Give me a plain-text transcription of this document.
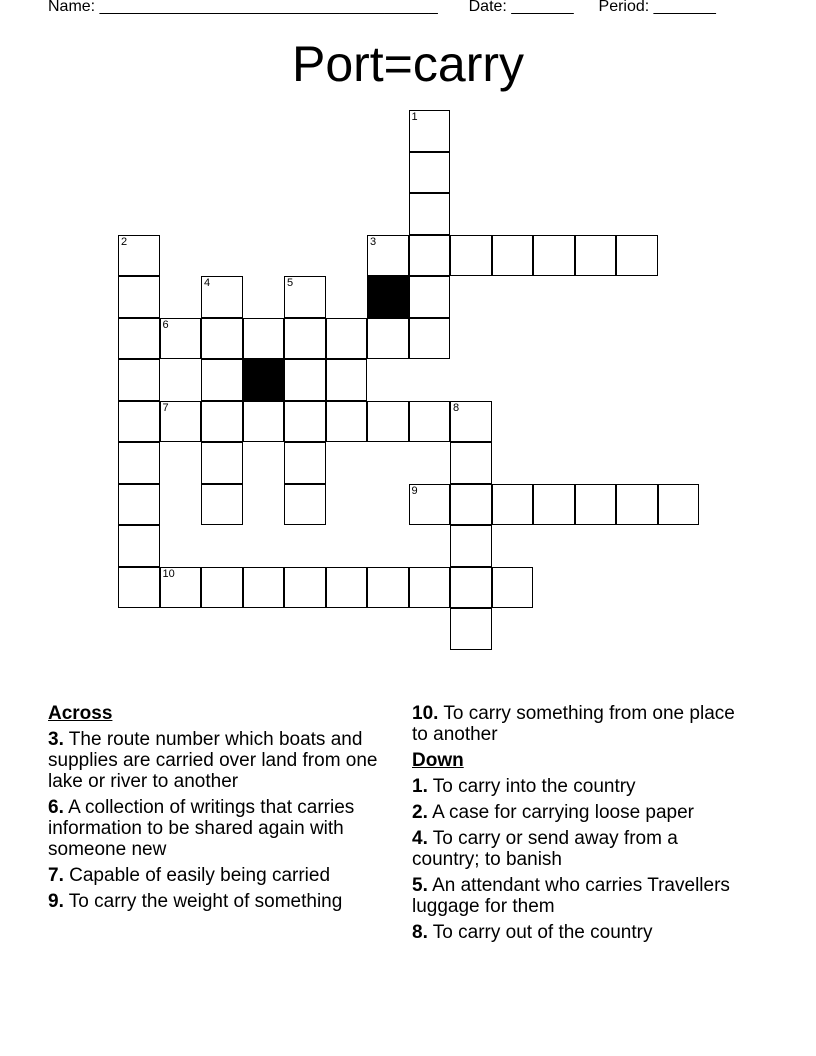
Name: ______________________________________ Date: _______ Period: _______
Port=carry
1
2	3
4	5
6
7	8
9
10
Across
3. The route number which boats and supplies are carried over land from one lake or river to another
6. A collection of writings that carries information to be shared again with someone new
7. Capable of easily being carried
9. To carry the weight of something
10. To carry something from one place to another
Down
1. To carry into the country
2. A case for carrying loose paper
4. To carry or send away from a country; to banish
5. An attendant who carries Travellers luggage for them
8. To carry out of the country
